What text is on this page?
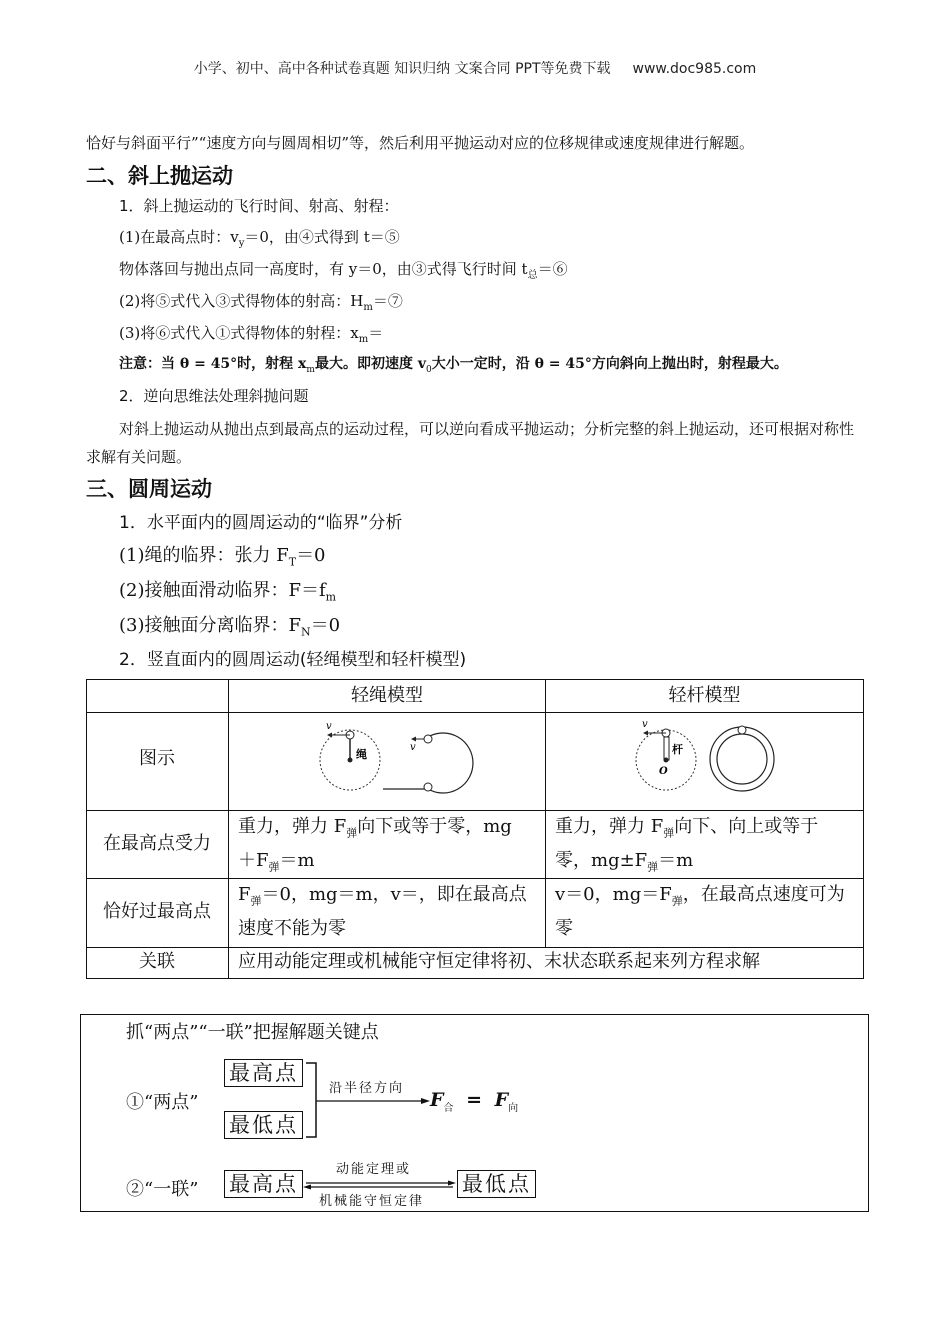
小学、初中、高中各种试卷真题 知识归纳 文案合同 PPT等免费下载 www.doc985.com
恰好与斜面平行”“速度方向与圆周相切”等，然后利用平抛运动对应的位移规律或速度规律进行解题。
二、斜上抛运动
1．斜上抛运动的飞行时间、射高、射程：
(1)在最高点时：$v_y=0$，由④式得到 t＝⑤
物体落回与抛出点同一高度时，有 y＝0，由③式得飞行时间 $t_总=⑥$
(2)将⑤式代入③式得物体的射高：$H_m=⑦$
(3)将⑥式代入①式得物体的射程：$x_m=$
注意：当 θ = 45°时，射程 $x_m$最大。即初速度 $v_0$大小一定时，沿 θ = 45°方向斜向上抛出时，射程最大。
2．逆向思维法处理斜抛问题
对斜上抛运动从抛出点到最高点的运动过程，可以逆向看成平抛运动；分析完整的斜上抛运动，还可根据对称性求解有关问题。
三、圆周运动
1．水平面内的圆周运动的“临界”分析
(1)绳的临界：张力 $F_T=0$
(2)接触面滑动临界：$F=f_m$
(3)接触面分离临界：$F_N=0$
2．竖直面内的圆周运动(轻绳模型和轻杆模型)
轻绳模型	轻杆模型
图示
v
绳
v
v
杆
O
在最高点受力
重力，弹力 $F_弹$向下或等于零，mg
$+F_弹=m$
重力，弹力 $F_弹$向下、向上或等于
零，$mg\pm F_弹=m$
恰好过最高点
$F_弹=0$，mg＝m，v＝，即在最高点
速度不能为零
v＝0，$mg=F_弹$，在最高点速度可为
零
关联	应用动能定理或机械能守恒定律将初、末状态联系起来列方程求解
抓“两点”“一联”把握解题关键点
①“两点”
最高点
最低点
沿半径方向
$F_合 = F_向$
②“一联” 最高点
动能定理或
机械能守恒定律
最低点
